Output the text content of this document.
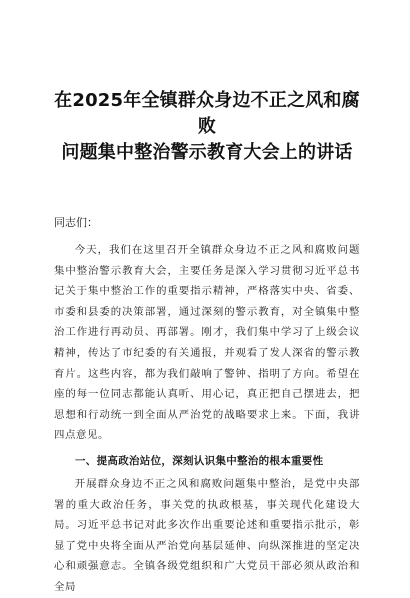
在2025年全镇群众身边不正之风和腐败
问题集中整治警示教育大会上的讲话

同志们：

今天，我们在这里召开全镇群众身边不正之风和腐败问题集中整治警示教育大会，主要任务是深入学习贯彻习近平总书记关于集中整治工作的重要指示精神，严格落实中央、省委、市委和县委的决策部署，通过深刻的警示教育，对全镇集中整治工作进行再动员、再部署。刚才，我们集中学习了上级会议精神，传达了市纪委的有关通报，并观看了发人深省的警示教育片。这些内容，都为我们敲响了警钟、指明了方向。希望在座的每一位同志都能认真听、用心记，真正把自己摆进去，把思想和行动统一到全面从严治党的战略要求上来。下面，我讲四点意见。

一、提高政治站位，深刻认识集中整治的根本重要性

开展群众身边不正之风和腐败问题集中整治，是党中央部署的重大政治任务，事关党的执政根基，事关现代化建设大局。习近平总书记对此多次作出重要论述和重要指示批示，彰显了党中央将全面从严治党向基层延伸、向纵深推进的坚定决心和顽强意志。全镇各级党组织和广大党员干部必须从政治和全局
